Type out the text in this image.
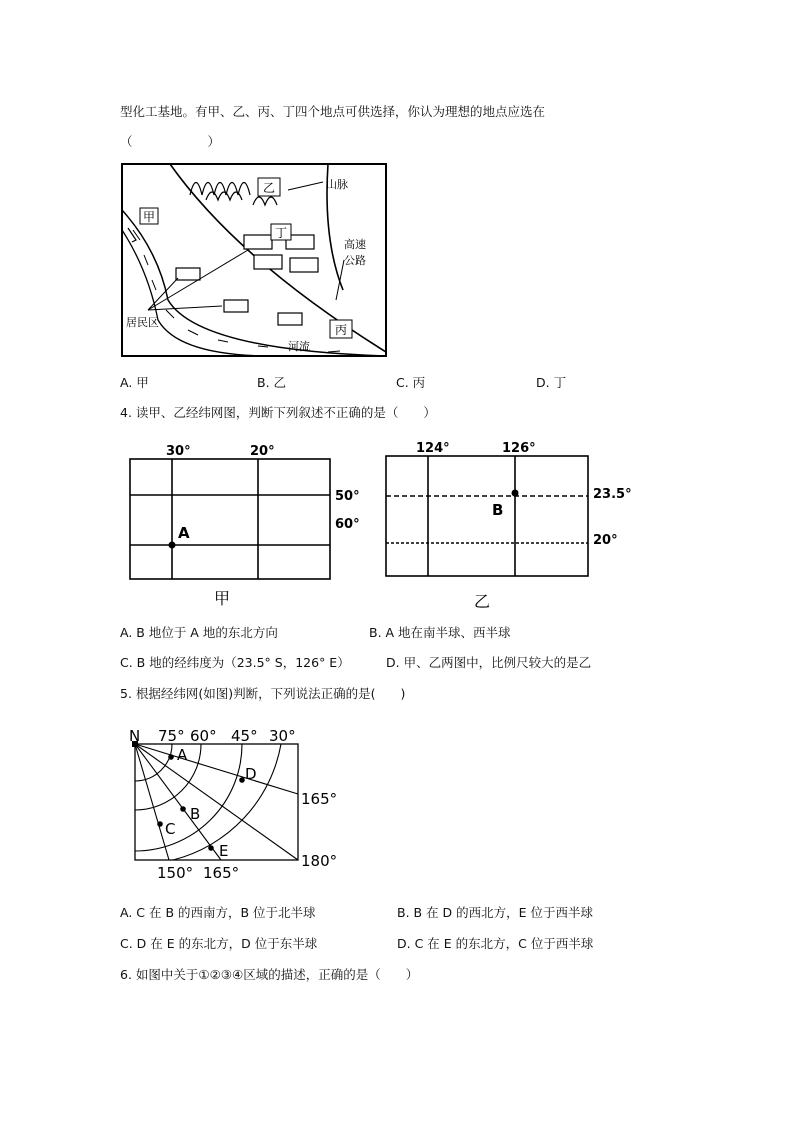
型化工基地。有甲、乙、丙、丁四个地点可供选择，你认为理想的地点应选在
（　　　　　　）
甲
乙
丁
丙
山脉
高速
公路
居民区
河流
A. 甲	B. 乙	C. 丙	D. 丁
4. 读甲、乙经纬网图，判断下列叙述不正确的是（　　）
30°	20°
50°
60°
A
甲
124°	126°
23.5°
20°
B
乙
A. B 地位于 A 地的东北方向	B. A 地在南半球、西半球
C. B 地的经纬度为（23.5° S，126° E）	D. 甲、乙两图中，比例尺较大的是乙
5. 根据经纬网(如图)判断，下列说法正确的是(　　)
N 75° 60° 45° 30°
165°
180°
150° 165°
A
D
B
C
E
A. C 在 B 的西南方，B 位于北半球	B. B 在 D 的西北方，E 位于西半球
C. D 在 E 的东北方，D 位于东半球	D. C 在 E 的东北方，C 位于西半球
6. 如图中关于①②③④区域的描述，正确的是（　　）
